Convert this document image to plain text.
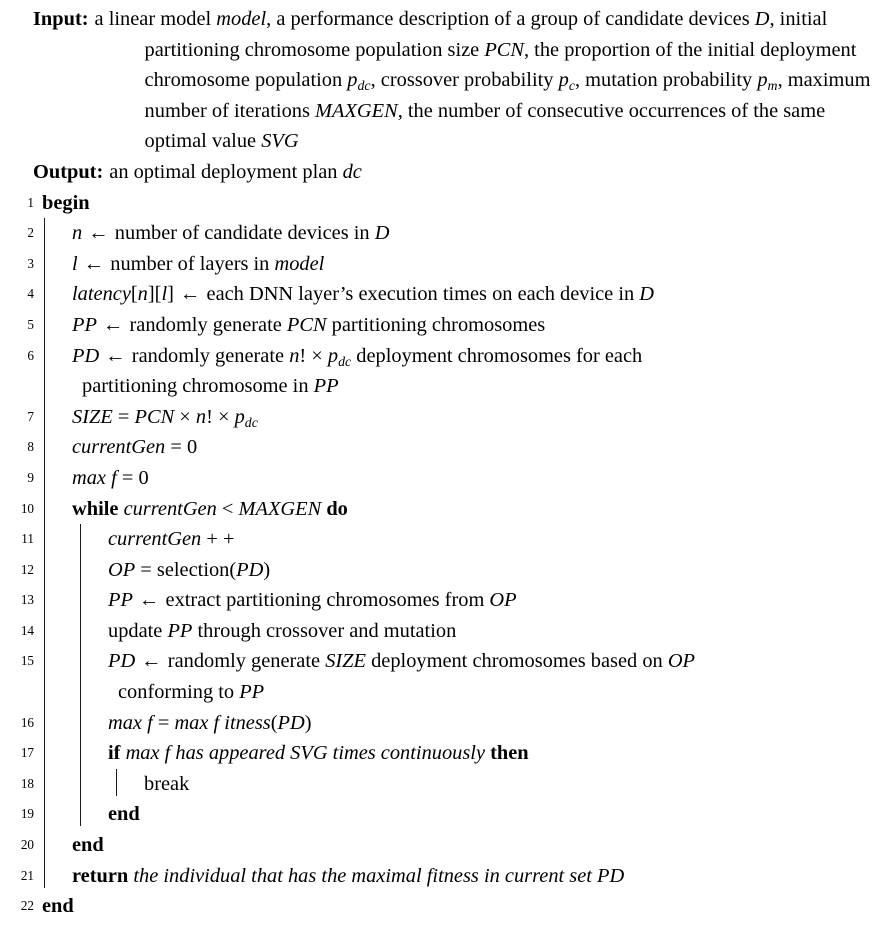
Input: a linear model model, a performance description of a group of candidate devices D, initial partitioning chromosome population size PCN, the proportion of the initial deployment chromosome population $p_{dc}$, crossover probability $p_c$, mutation probability $p_m$, maximum number of iterations MAXGEN, the number of consecutive occurrences of the same optimal value SVG
Output: an optimal deployment plan dc
1 begin
2 n ← number of candidate devices in D
3 l ← number of layers in model
4 latency[n][l] ← each DNN layer’s execution times on each device in D
5 PP ← randomly generate PCN partitioning chromosomes
6 PD ← randomly generate n! × $p_{dc}$ deployment chromosomes for each
partitioning chromosome in PP
7 SIZE = PCN × n! × $p_{dc}$
8 currentGen = 0
9 max f = 0
10 while currentGen < MAXGEN do
11	currentGen + +
12	OP = selection(PD)
13	PP ← extract partitioning chromosomes from OP
14	update PP through crossover and mutation
15	PD ← randomly generate SIZE deployment chromosomes based on OP
conforming to PP
16	max f = max f itness(PD)
17	if max f has appeared SVG times continuously then
18	break
19	end
20 end
21 return the individual that has the maximal fitness in current set PD
22 end
